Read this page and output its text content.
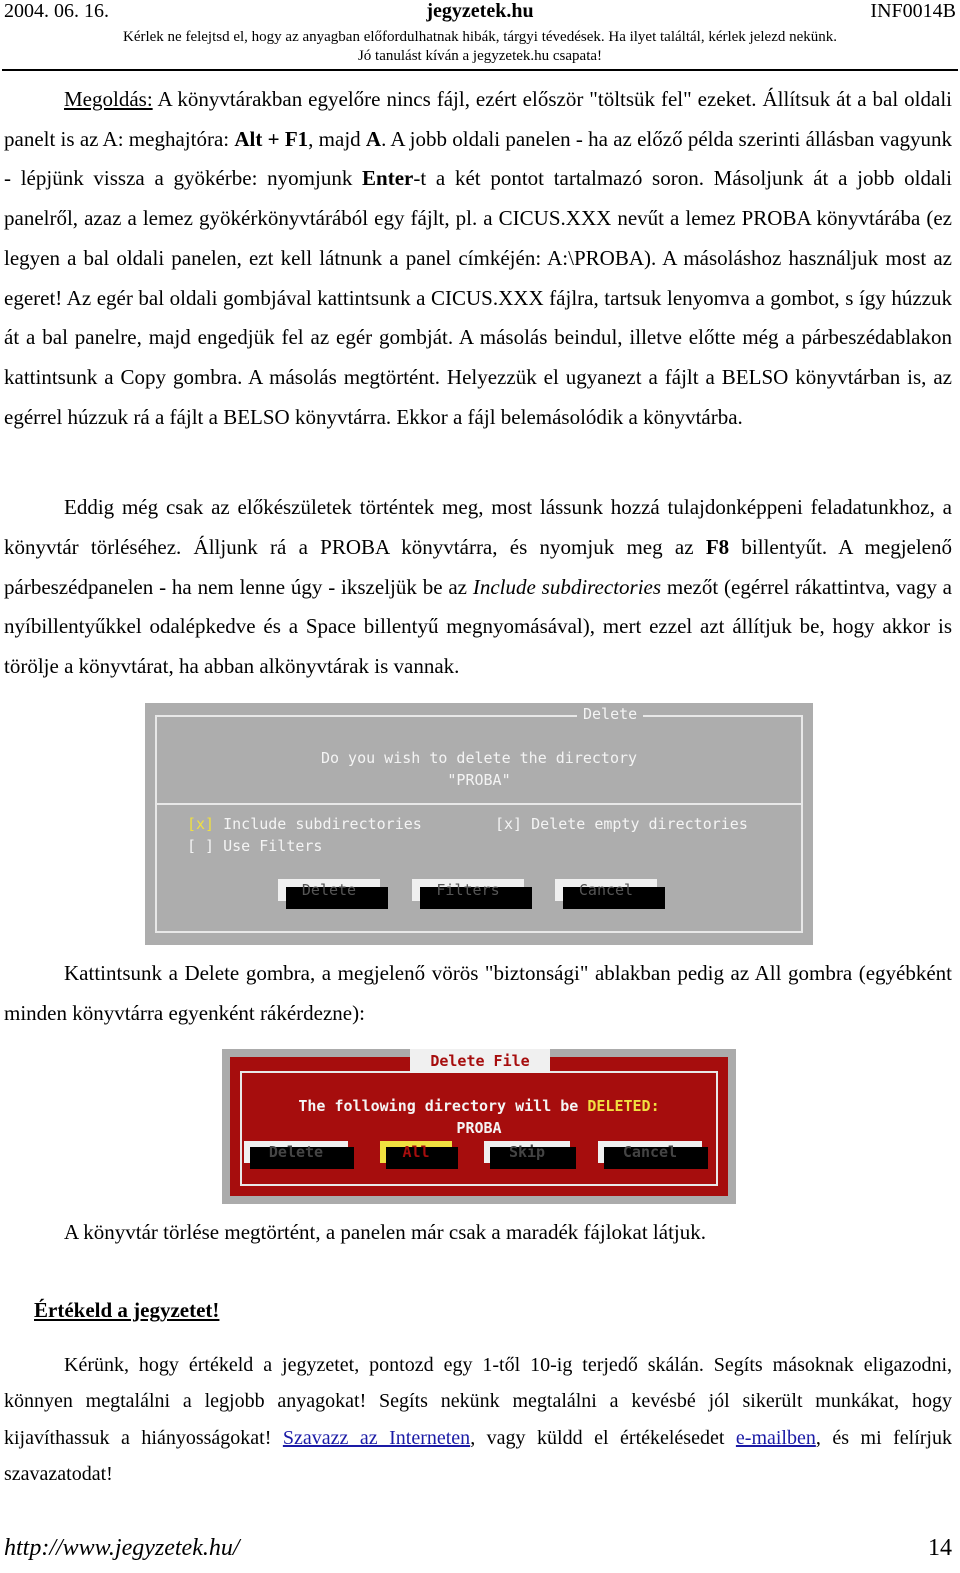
2004. 06. 16.	jegyzetek.hu	INF0014B
Kérlek ne felejtsd el, hogy az anyagban előfordulhatnak hibák, tárgyi tévedések. Ha ilyet találtál, kérlek jelezd nekünk.
Jó tanulást kíván a jegyzetek.hu csapata!

Megoldás: A könyvtárakban egyelőre nincs fájl, ezért először "töltsük fel" ezeket. Állítsuk át a bal oldali panelt is az A: meghajtóra: Alt + F1, majd A. A jobb oldali panelen - ha az előző példa szerinti állásban vagyunk - lépjünk vissza a gyökérbe: nyomjunk Enter-t a két pontot tartalmazó soron. Másoljunk át a jobb oldali panelről, azaz a lemez gyökérkönyvtárából egy fájlt, pl. a CICUS.XXX nevűt a lemez PROBA könyvtárába (ez legyen a bal oldali panelen, ezt kell látnunk a panel címkéjén: A:\PROBA). A másoláshoz használjuk most az egeret! Az egér bal oldali gombjával kattintsunk a CICUS.XXX fájlra, tartsuk lenyomva a gombot, s így húzzuk át a bal panelre, majd engedjük fel az egér gombját. A másolás beindul, illetve előtte még a párbeszédablakon kattintsunk a Copy gombra. A másolás megtörtént. Helyezzük el ugyanezt a fájlt a BELSO könyvtárban is, az egérrel húzzuk rá a fájlt a BELSO könyvtárra. Ekkor a fájl belemásolódik a könyvtárba.

Eddig még csak az előkészületek történtek meg, most lássunk hozzá tulajdonképpeni feladatunkhoz, a könyvtár törléséhez. Álljunk rá a PROBA könyvtárra, és nyomjuk meg az F8 billentyűt. A megjelenő párbeszédpanelen - ha nem lenne úgy - ikszeljük be az Include subdirectories mezőt (egérrel rákattintva, vagy a nyíbillentyűkkel odalépkedve és a Space billentyű megnyomásával), mert ezzel azt állítjuk be, hogy akkor is törölje a könyvtárat, ha abban alkönyvtárak is vannak.

Delete
Do you wish to delete the directory
"PROBA"
[x] Include subdirectories
[ ] Use Filters
[x] Delete empty directories
Delete	Filters	Cancel

Kattintsunk a Delete gombra, a megjelenő vörös "biztonsági" ablakban pedig az All gombra (egyébként minden könyvtárra egyenként rákérdezne):

Delete File
The following directory will be DELETED:
PROBA
Delete	All	Skip	Cancel

A könyvtár törlése megtörtént, a panelen már csak a maradék fájlokat látjuk.

Értékeld a jegyzetet!

Kérünk, hogy értékeld a jegyzetet, pontozd egy 1-től 10-ig terjedő skálán. Segíts másoknak eligazodni, könnyen megtalálni a legjobb anyagokat! Segíts nekünk megtalálni a kevésbé jól sikerült munkákat, hogy kijavíthassuk a hiányosságokat! Szavazz az Interneten, vagy küldd el értékelésedet e-mailben, és mi felírjuk szavazatodat!

http://www.jegyzetek.hu/	14
